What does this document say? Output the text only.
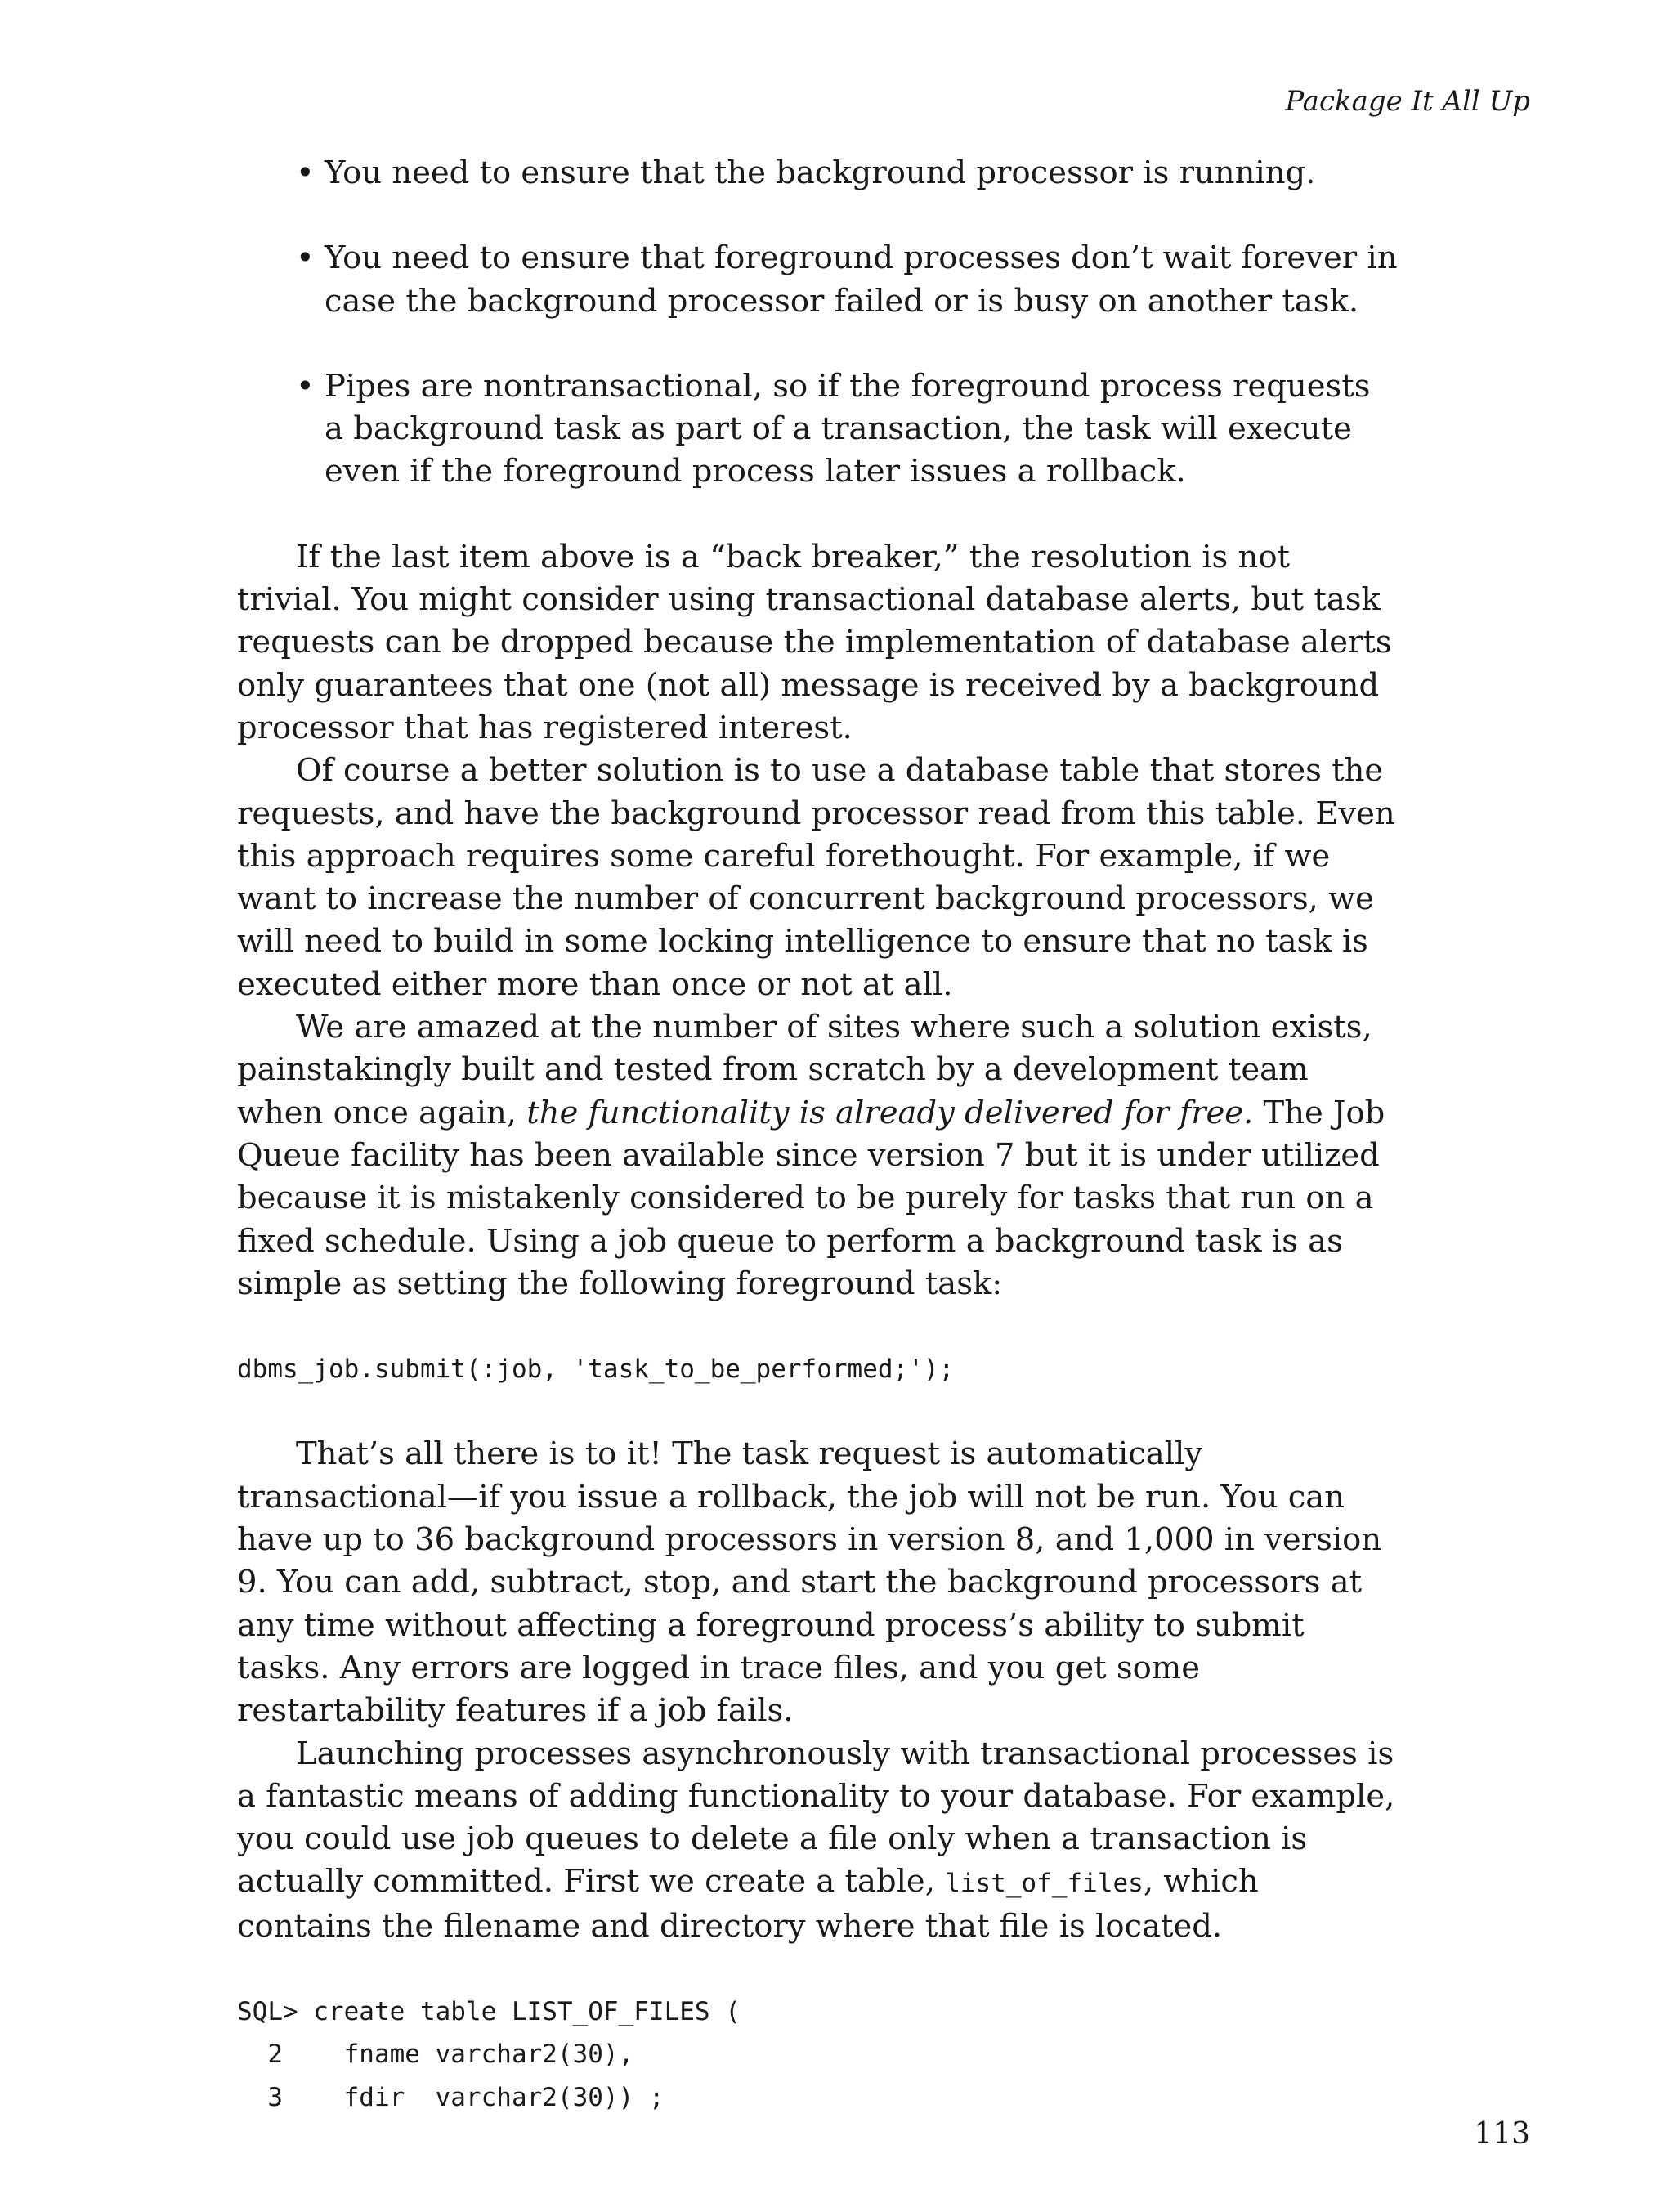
Package It All Up
• You need to ensure that the background processor is running.
• You need to ensure that foreground processes don’t wait forever in case the background processor failed or is busy on another task.
• Pipes are nontransactional, so if the foreground process requests a background task as part of a transaction, the task will execute even if the foreground process later issues a rollback.

If the last item above is a “back breaker,” the resolution is not trivial. You might consider using transactional database alerts, but task requests can be dropped because the implementation of database alerts only guarantees that one (not all) message is received by a background processor that has registered interest.

Of course a better solution is to use a database table that stores the requests, and have the background processor read from this table. Even this approach requires some careful forethought. For example, if we want to increase the number of concurrent background processors, we will need to build in some locking intelligence to ensure that no task is executed either more than once or not at all.

We are amazed at the number of sites where such a solution exists, painstakingly built and tested from scratch by a development team when once again, the functionality is already delivered for free. The Job Queue facility has been available since version 7 but it is under utilized because it is mistakenly considered to be purely for tasks that run on a fixed schedule. Using a job queue to perform a background task is as simple as setting the following foreground task:

dbms_job.submit(:job, 'task_to_be_performed;');

That’s all there is to it! The task request is automatically transactional—if you issue a rollback, the job will not be run. You can have up to 36 background processors in version 8, and 1,000 in version 9. You can add, subtract, stop, and start the background processors at any time without affecting a foreground process’s ability to submit tasks. Any errors are logged in trace files, and you get some restartability features if a job fails.

Launching processes asynchronously with transactional processes is a fantastic means of adding functionality to your database. For example, you could use job queues to delete a file only when a transaction is actually committed. First we create a table, list_of_files, which contains the filename and directory where that file is located.

SQL> create table LIST_OF_FILES (
2    fname varchar2(30),
3    fdir  varchar2(30)) ;
113
